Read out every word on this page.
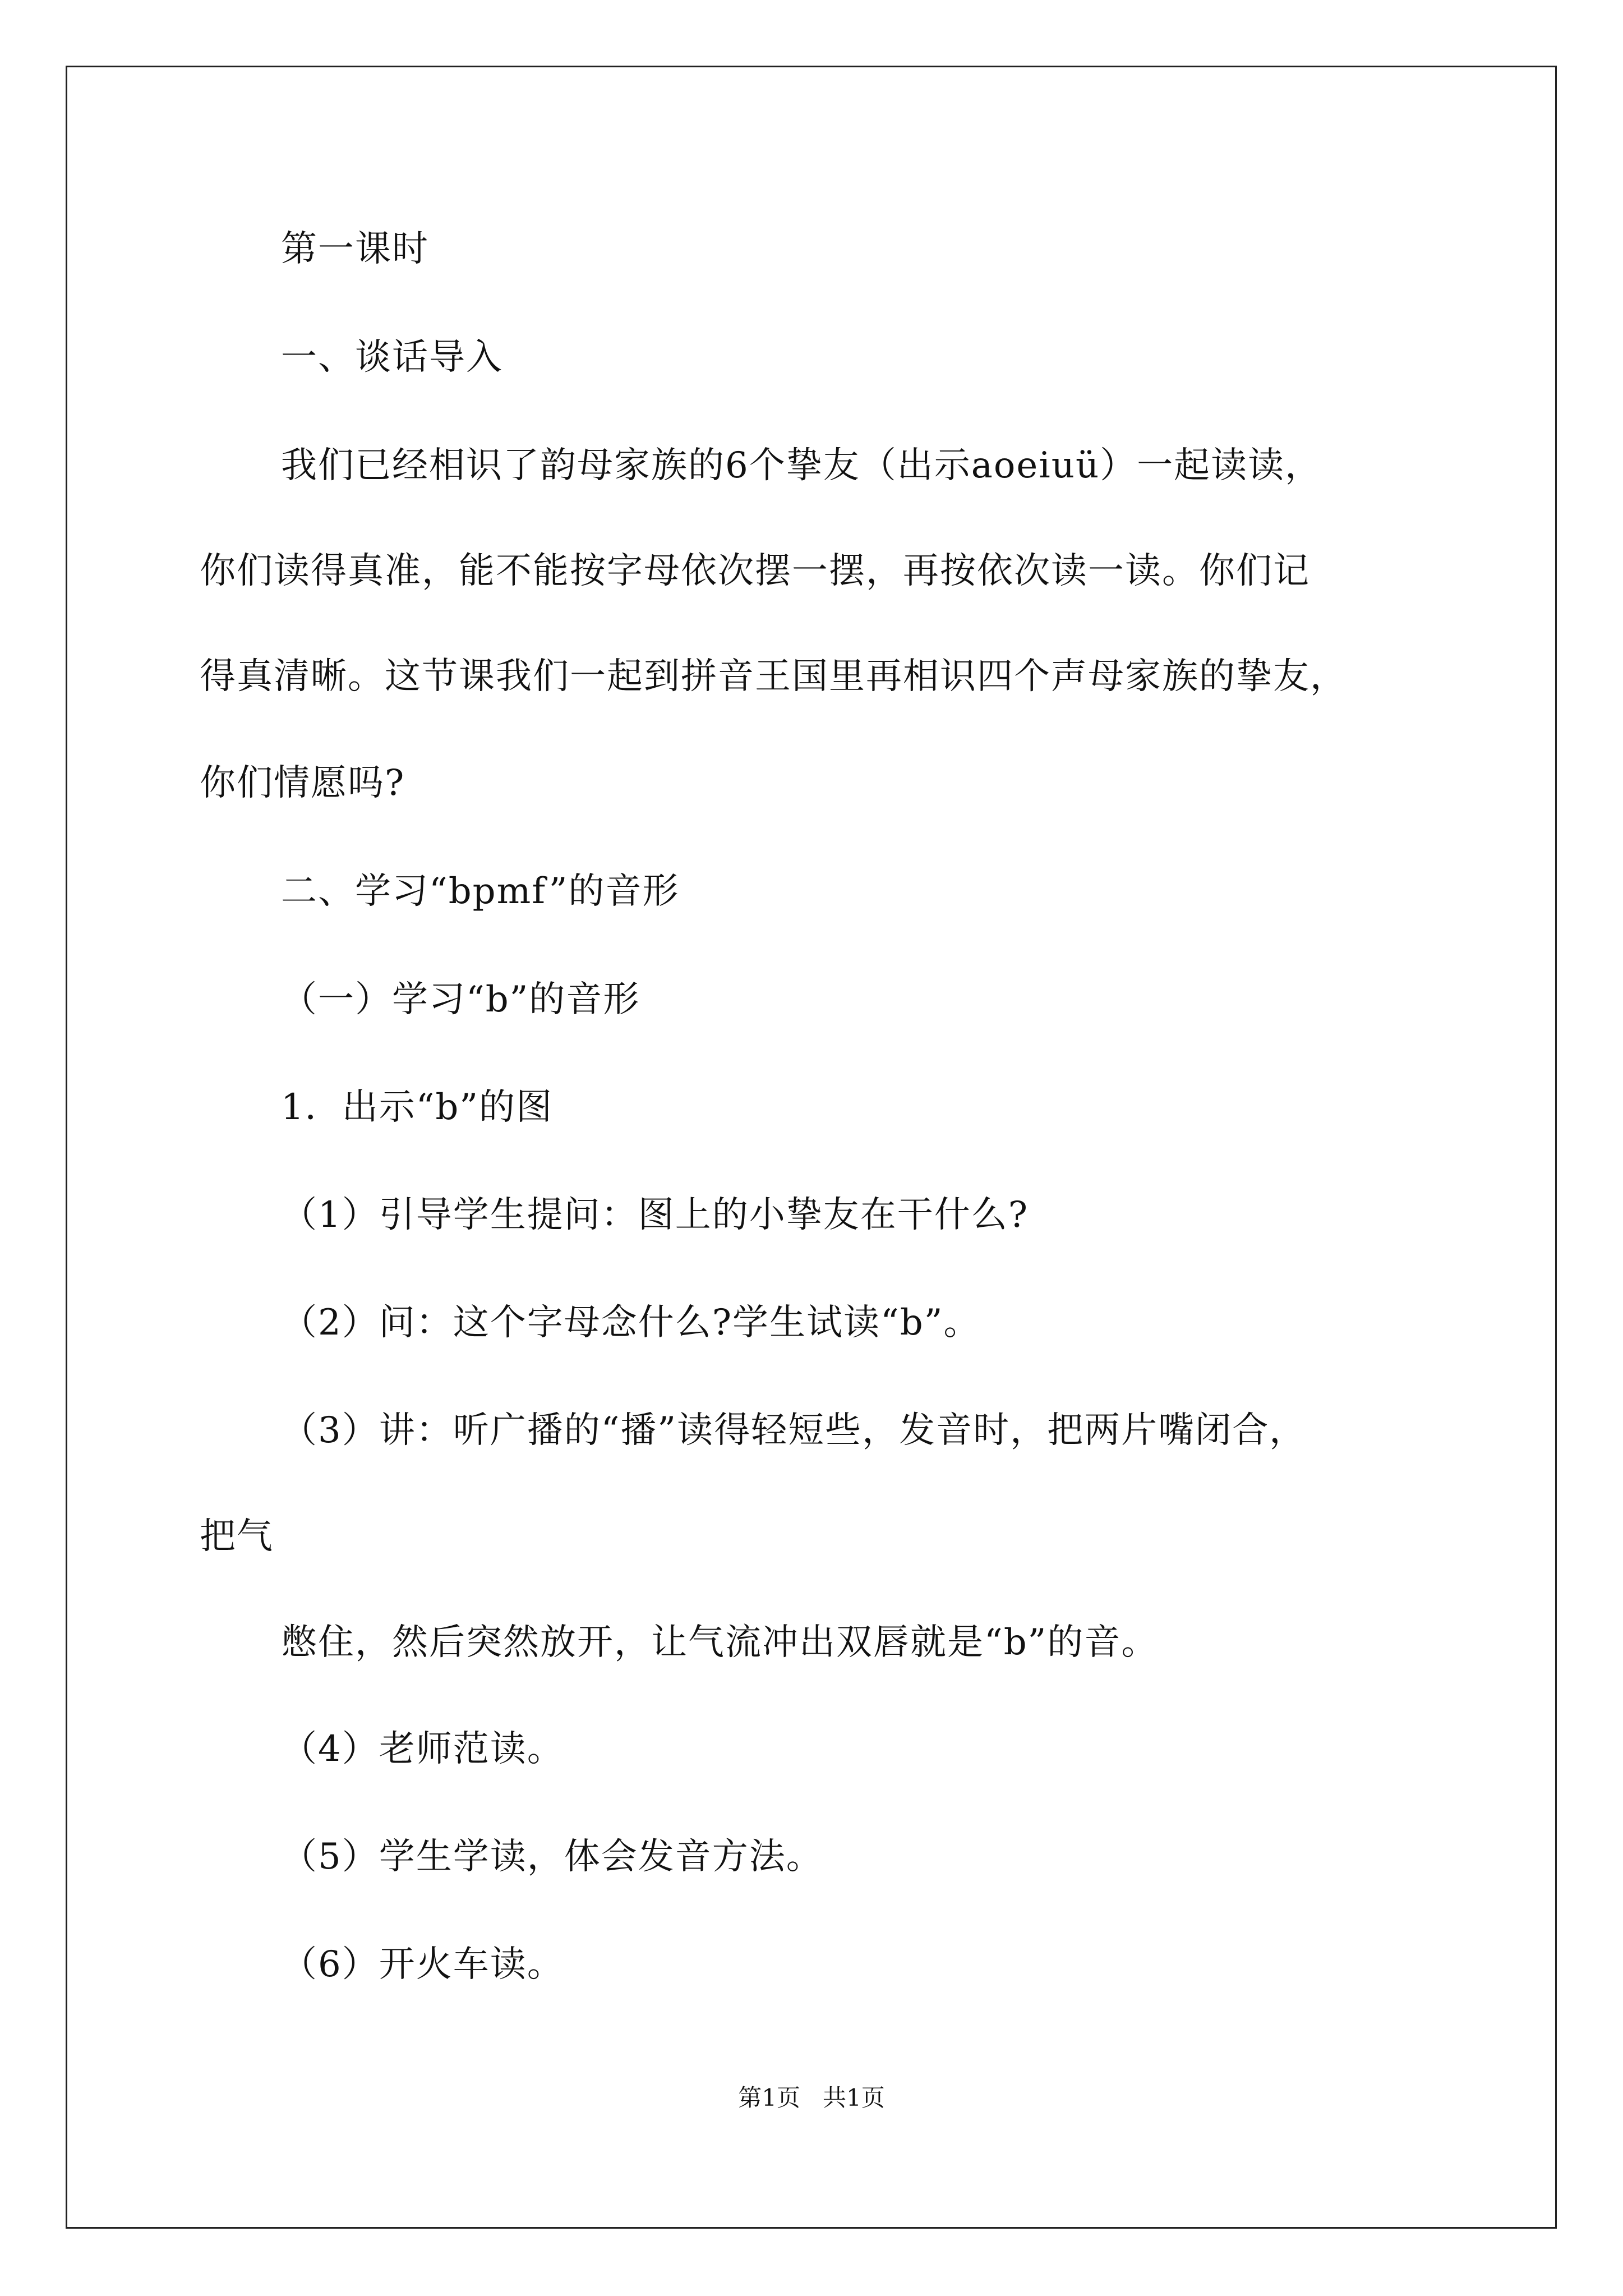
第一课时
一、谈话导入
我们已经相识了韵母家族的6个挚友（出示aoeiuü）一起读读，
你们读得真准，能不能按字母依次摆一摆，再按依次读一读。你们记
得真清晰。这节课我们一起到拼音王国里再相识四个声母家族的挚友，
你们情愿吗?
二、学习“bpmf”的音形
（一）学习“b”的音形
1．出示“b”的图
（1）引导学生提问：图上的小挚友在干什么?
（2）问：这个字母念什么?学生试读“b”。
（3）讲：听广播的“播”读得轻短些，发音时，把两片嘴闭合，
把气
憋住，然后突然放开，让气流冲出双唇就是“b”的音。
（4）老师范读。
（5）学生学读，体会发音方法。
（6）开火车读。
第1页   共1页
